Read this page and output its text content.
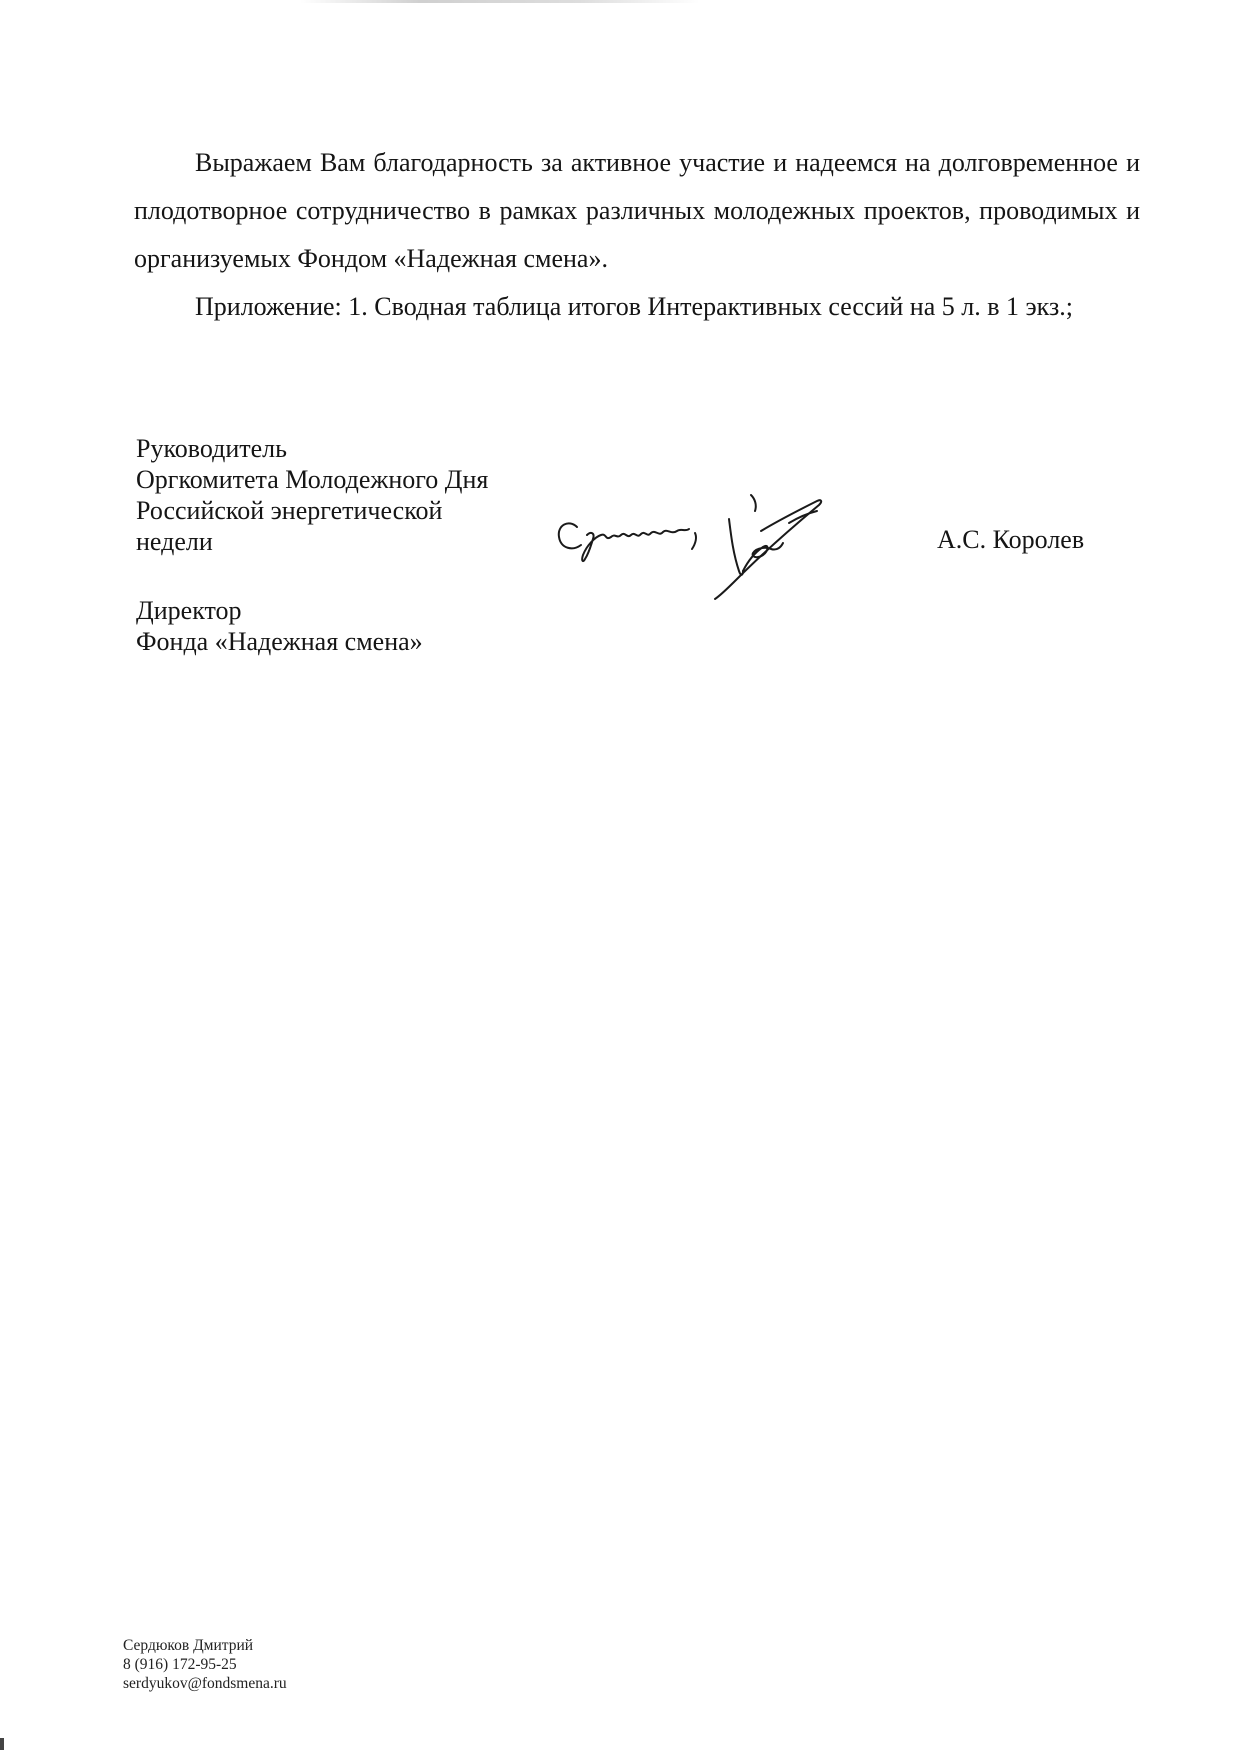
Выражаем Вам благодарность за активное участие и надеемся на долговременное и плодотворное сотрудничество в рамках различных молодежных проектов, проводимых и организуемых Фондом «Надежная смена».

Приложение: 1. Сводная таблица итогов Интерактивных сессий на 5 л. в 1 экз.;

Руководитель
Оргкомитета Молодежного Дня
Российской энергетической
недели	А.С. Королев
Директор
Фонда «Надежная смена»
Сердюков Дмитрий
8 (916) 172-95-25
serdyukov@fondsmena.ru
